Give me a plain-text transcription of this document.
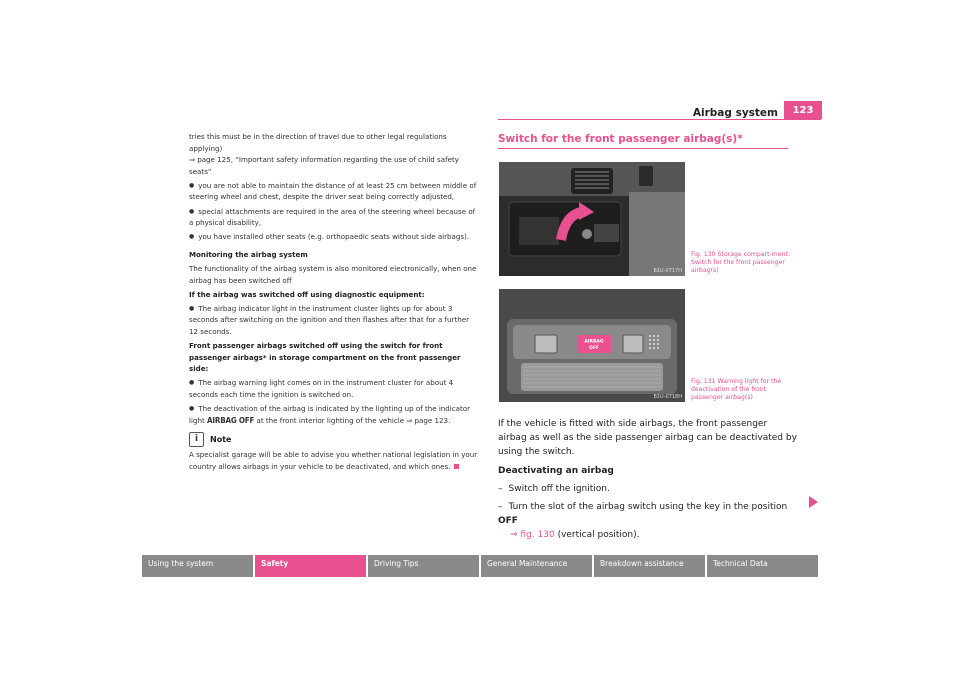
Airbag system	123

tries this must be in the direction of travel due to other legal regulations applying)
⇒ page 125, “Important safety information regarding the use of child safety seats”

● you are not able to maintain the distance of at least 25 cm between middle of steering wheel and chest, despite the driver seat being correctly adjusted,

● special attachments are required in the area of the steering wheel because of a physical disability,

● you have installed other seats (e.g. orthopaedic seats without side airbags).

Monitoring the airbag system

The functionality of the airbag system is also monitored electronically, when one airbag has been switched off

If the airbag was switched off using diagnostic equipment:

● The airbag indicator light in the instrument cluster lights up for about 3 seconds after switching on the ignition and then flashes after that for a further 12 seconds.

Front passenger airbags switched off using the switch for front passenger airbags* in storage compartment on the front passenger side:

● The airbag warning light comes on in the instrument cluster for about 4 seconds each time the ignition is switched on.

● The deactivation of the airbag is indicated by the lighting up of the indicator light AIRBAG OFF at the front interior lighting of the vehicle ⇒ page 123.

i	Note

A specialist garage will be able to advise you whether national legislation in your country allows airbags in your vehicle to be deactivated, and which ones.

Switch for the front passenger airbag(s)*
B1U-0717H
Fig. 130 Storage compart-ment: Switch for the front passenger airbag(s)
AIRBAG
OFF
B1U-0718H
Fig. 131 Warning light for the deactivation of the front passenger airbag(s)

If the vehicle is fitted with side airbags, the front passenger airbag as well as the side passenger airbag can be deactivated by using the switch.

Deactivating an airbag

– Switch off the ignition.

– Turn the slot of the airbag switch using the key in the position OFF
⇒ fig. 130 (vertical position).

Using the system	Safety	Driving Tips	General Maintenance	Breakdown assistance	Technical Data
